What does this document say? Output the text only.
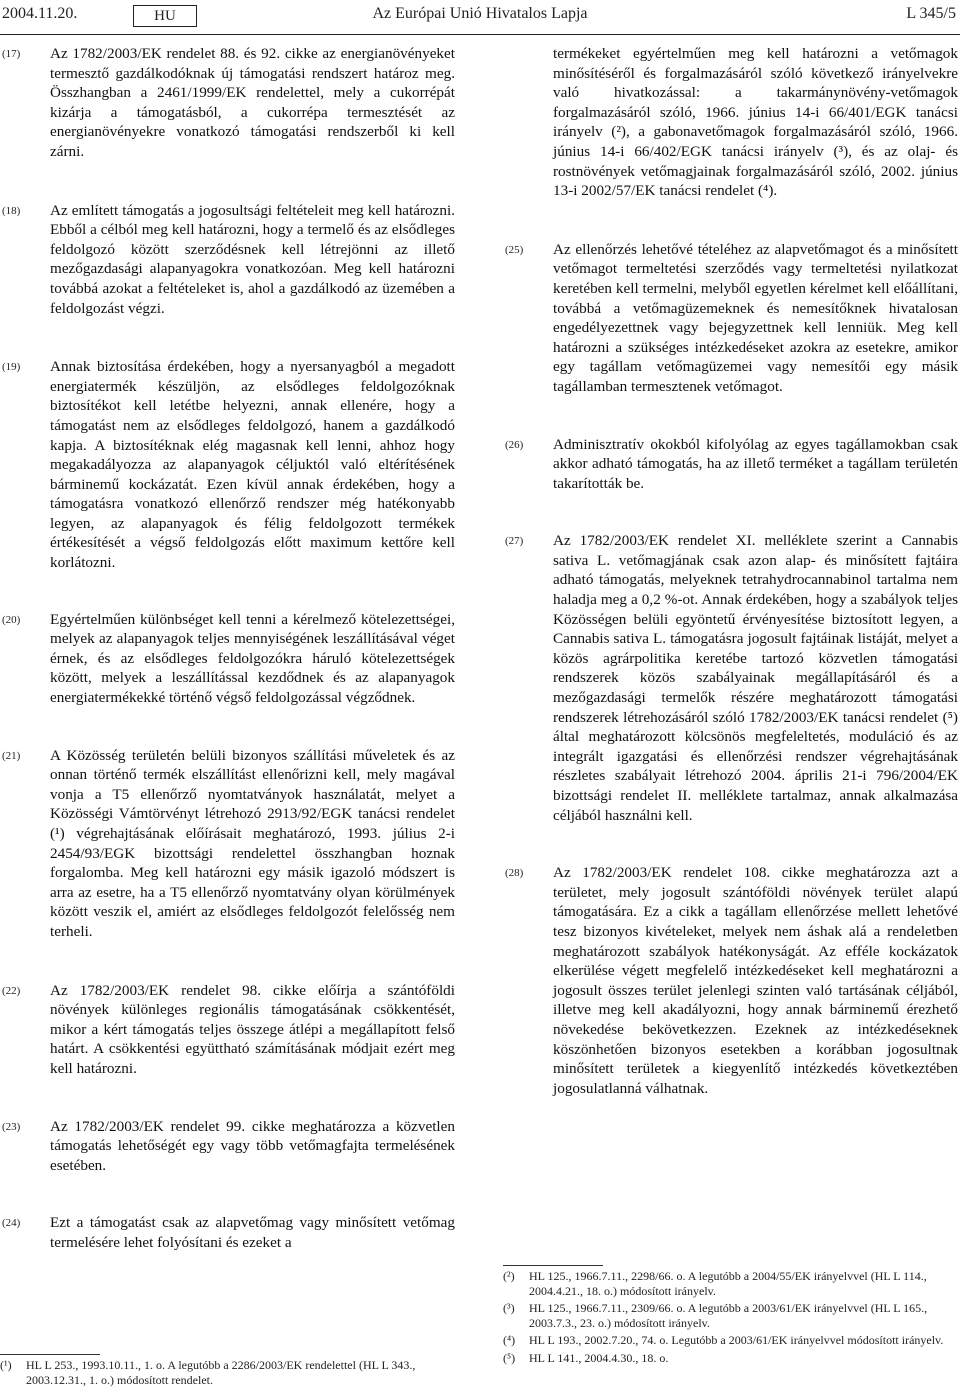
2004.11.20.	HU	Az Európai Unió Hivatalos Lapja	L 345/5
(17) Az 1782/2003/EK rendelet 88. és 92. cikke az energianövényeket termesztő gazdálkodóknak új támogatási rendszert határoz meg. Összhangban a 2461/1999/EK rendelettel, mely a cukorrépát kizárja a támogatásból, a cukorrépa termesztését az energianövényekre vonatkozó támogatási rendszerből ki kell zárni.
(18) Az említett támogatás a jogosultsági feltételeit meg kell határozni. Ebből a célból meg kell határozni, hogy a termelő és az elsődleges feldolgozó között szerződésnek kell létrejönni az illető mezőgazdasági alapanyagokra vonatkozóan. Meg kell határozni továbbá azokat a feltételeket is, ahol a gazdálkodó az üzemében a feldolgozást végzi.
(19) Annak biztosítása érdekében, hogy a nyersanyagból a megadott energiatermék készüljön, az elsődleges feldolgozóknak biztosítékot kell letétbe helyezni, annak ellenére, hogy a támogatást nem az elsődleges feldolgozó, hanem a gazdálkodó kapja. A biztosítéknak elég magasnak kell lenni, ahhoz hogy megakadályozza az alapanyagok céljuktól való eltérítésének bárminemű kockázatát. Ezen kívül annak érdekében, hogy a támogatásra vonatkozó ellenőrző rendszer még hatékonyabb legyen, az alapanyagok és félig feldolgozott termékek értékesítését a végső feldolgozás előtt maximum kettőre kell korlátozni.
(20) Egyértelműen különbséget kell tenni a kérelmező kötelezettségei, melyek az alapanyagok teljes mennyiségének leszállításával véget érnek, és az elsődleges feldolgozókra háruló kötelezettségek között, melyek a leszállítással kezdődnek és az alapanyagok energiatermékekké történő végső feldolgozással végződnek.
(21) A Közösség területén belüli bizonyos szállítási műveletek és az onnan történő termék elszállítást ellenőrizni kell, mely magával vonja a T5 ellenőrző nyomtatványok használatát, melyet a Közösségi Vámtörvényt létrehozó 2913/92/EGK tanácsi rendelet (¹) végrehajtásának előírásait meghatározó, 1993. július 2-i 2454/93/EGK bizottsági rendelettel összhangban hoznak forgalomba. Meg kell határozni egy másik igazoló módszert is arra az esetre, ha a T5 ellenőrző nyomtatvány olyan körülmények között veszik el, amiért az elsődleges feldolgozót felelősség nem terheli.
(22) Az 1782/2003/EK rendelet 98. cikke előírja a szántóföldi növények különleges regionális támogatásának csökkentését, mikor a kért támogatás teljes összege átlépi a megállapított felső határt. A csökkentési együttható számításának módjait ezért meg kell határozni.
(23) Az 1782/2003/EK rendelet 99. cikke meghatározza a közvetlen támogatás lehetőségét egy vagy több vetőmagfajta termelésének esetében.
(24) Ezt a támogatást csak az alapvetőmag vagy minősített vetőmag termelésére lehet folyósítani és ezeket a
termékeket egyértelműen meg kell határozni a vetőmagok minősítéséről és forgalmazásáról szóló következő irányelvekre való hivatkozással: a takarmánynövény-vetőmagok forgalmazásáról szóló, 1966. június 14-i 66/401/EGK tanácsi irányelv (²), a gabonavetőmagok forgalmazásáról szóló, 1966. június 14-i 66/402/EGK tanácsi irányelv (³), és az olaj- és rostnövények vetőmagjainak forgalmazásáról szóló, 2002. június 13-i 2002/57/EK tanácsi rendelet (⁴).
(25) Az ellenőrzés lehetővé tételéhez az alapvetőmagot és a minősített vetőmagot termeltetési szerződés vagy termeltetési nyilatkozat keretében kell termelni, melyből egyetlen kérelmet kell előállítani, továbbá a vetőmagüzemeknek és nemesítőknek hivatalosan engedélyezettnek vagy bejegyzettnek kell lenniük. Meg kell határozni a szükséges intézkedéseket azokra az esetekre, amikor egy tagállam vetőmagüzemei vagy nemesítői egy másik tagállamban termesztenek vetőmagot.
(26) Adminisztratív okokból kifolyólag az egyes tagállamokban csak akkor adható támogatás, ha az illető terméket a tagállam területén takarították be.
(27) Az 1782/2003/EK rendelet XI. melléklete szerint a Cannabis sativa L. vetőmagjának csak azon alap- és minősített fajtáira adható támogatás, melyeknek tetrahydrocannabinol tartalma nem haladja meg a 0,2 %-ot. Annak érdekében, hogy a szabályok teljes Közösségen belüli egyöntetű érvényesítése biztosított legyen, a Cannabis sativa L. támogatásra jogosult fajtáinak listáját, melyet a közös agrárpolitika keretébe tartozó közvetlen támogatási rendszerek közös szabályainak megállapításáról és a mezőgazdasági termelők részére meghatározott támogatási rendszerek létrehozásáról szóló 1782/2003/EK tanácsi rendelet (⁵) által meghatározott kölcsönös megfeleltetés, moduláció és az integrált igazgatási és ellenőrzési rendszer végrehajtásának részletes szabályait létrehozó 2004. április 21-i 796/2004/EK bizottsági rendelet II. melléklete tartalmaz, annak alkalmazása céljából használni kell.
(28) Az 1782/2003/EK rendelet 108. cikke meghatározza azt a területet, mely jogosult szántóföldi növények terület alapú támogatására. Ez a cikk a tagállam ellenőrzése mellett lehetővé tesz bizonyos kivételeket, melyek nem áshak alá a rendeletben meghatározott szabályok hatékonyságát. Az efféle kockázatok elkerülése végett megfelelő intézkedéseket kell meghatározni a jogosult összes terület jelenlegi szinten való tartásának céljából, illetve meg kell akadályozni, hogy annak bárminemű érezhető növekedése bekövetkezzen. Ezeknek az intézkedéseknek köszönhetően bizonyos esetekben a korábban jogosultnak minősített területek a kiegyenlítő intézkedés következtében jogosulatlanná válhatnak.
(¹)	HL L 253., 1993.10.11., 1. o. A legutóbb a 2286/2003/EK rendelettel (HL L 343., 2003.12.31., 1. o.) módosított rendelet.
(²)	HL 125., 1966.7.11., 2298/66. o. A legutóbb a 2004/55/EK irányelvvel (HL L 114., 2004.4.21., 18. o.) módosított irányelv.
(³)	HL 125., 1966.7.11., 2309/66. o. A legutóbb a 2003/61/EK irányelvvel (HL L 165., 2003.7.3., 23. o.) módosított irányelv.
(⁴)	HL L 193., 2002.7.20., 74. o. Legutóbb a 2003/61/EK irányelvvel módosított irányelv.
(⁵)	HL L 141., 2004.4.30., 18. o.
